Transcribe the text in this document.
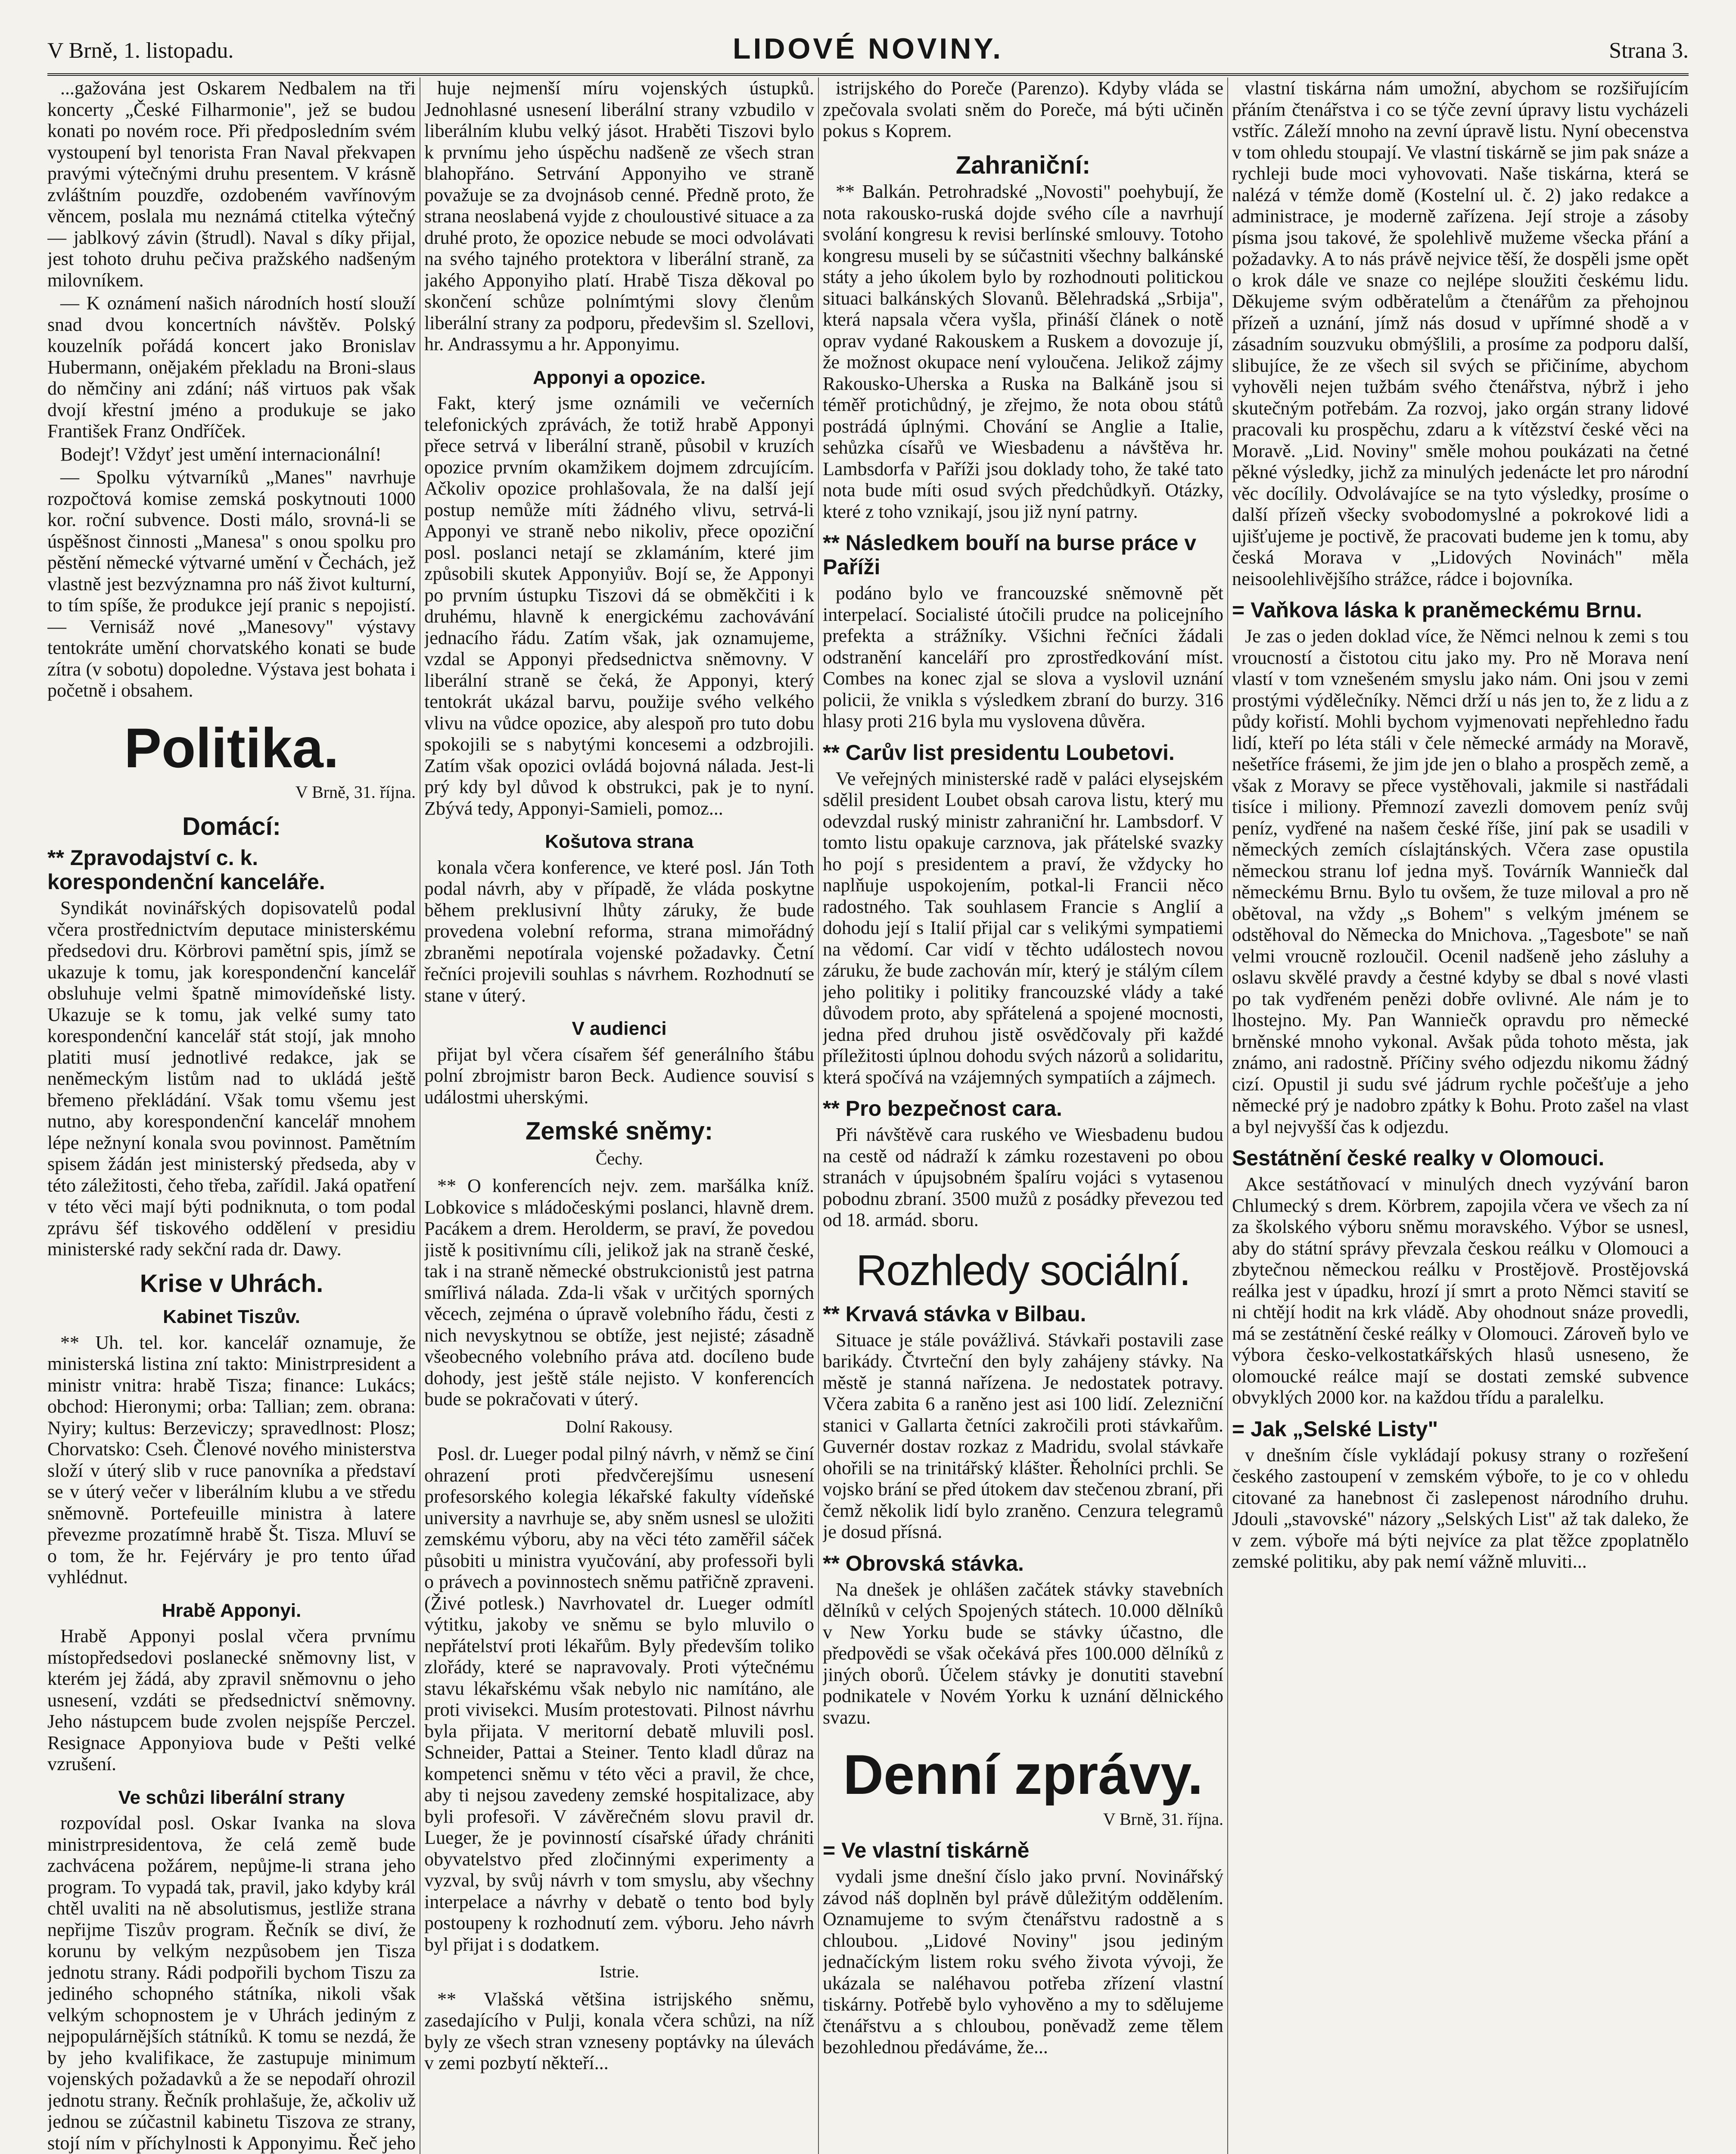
V Brně, 1. listopadu.	LIDOVÉ NOVINY.	Strana 3.

...gažována jest Oskarem Nedbalem na tři koncerty „České Filharmonie", jež se budou konati po novém roce. Při předposledním svém vystoupení byl tenorista Fran Naval překvapen pravými výtečnými druhu presentem. V krásně zvláštním pouzdře, ozdobeném vavřínovým věncem, poslala mu neznámá ctitelka výtečný — jablkový závin (štrudl). Naval s díky přijal, jest tohoto druhu pečiva pražského nadšeným milovníkem.

— K oznámení našich národních hostí slouží snad dvou koncertních návštěv. Polský kouzelník pořádá koncert jako Bronislav Hubermann, onějakém překladu na Broni-slaus do němčiny ani zdání; náš virtuos pak však dvojí křestní jméno a produkuje se jako František Franz Ondříček.

Bodejť! Vždyť jest umění internacionální!

— Spolku výtvarníků „Manes" navrhuje rozpočtová komise zemská poskytnouti 1000 kor. roční subvence. Dosti málo, srovná-li se úspěšnost činnosti „Manesa" s onou spolku pro pěstění německé výtvarné umění v Čechách, jež vlastně jest bezvýznamna pro náš život kulturní, to tím spíše, že produkce její pranic s nepojistí. — Vernisáž nové „Manesovy" výstavy tentokráte umění chorvatského konati se bude zítra (v sobotu) dopoledne. Výstava jest bohata i početně i obsahem.

Politika.
V Brně, 31. října.
Domácí:
** Zpravodajství c. k. korespondenční kanceláře.

Syndikát novinářských dopisovatelů podal včera prostřednictvím deputace ministerskému předsedovi dru. Körbrovi pamětní spis, jímž se ukazuje k tomu, jak korespondenční kancelář obsluhuje velmi špatně mimovídeňské listy. Ukazuje se k tomu, jak velké sumy tato korespondenční kancelář stát stojí, jak mnoho platiti musí jednotlivé redakce, jak se neněmeckým listům nad to ukládá ještě břemeno překládání. Však tomu všemu jest nutno, aby korespondenční kancelář mnohem lépe nežnyní konala svou povinnost. Pamětním spisem žádán jest ministerský předseda, aby v této záležitosti, čeho třeba, zařídil. Jaká opatření v této věci mají býti podniknuta, o tom podal zprávu šéf tiskového oddělení v presidiu ministerské rady sekční rada dr. Dawy.

Krise v Uhrách.
Kabinet Tiszův.

** Uh. tel. kor. kancelář oznamuje, že ministerská listina zní takto: Ministrpresident a ministr vnitra: hrabě Tisza; finance: Lukács; obchod: Hieronymi; orba: Tallian; zem. obrana: Nyiry; kultus: Berzeviczy; spravedlnost: Plosz; Chorvatsko: Cseh. Členové nového ministerstva složí v úterý slib v ruce panovníka a představí se v úterý večer v liberálním klubu a ve středu sněmovně. Portefeuille ministra à latere převezme prozatímně hrabě Št. Tisza. Mluví se o tom, že hr. Fejérváry je pro tento úřad vyhlédnut.

Hrabě Apponyi.

Hrabě Apponyi poslal včera prvnímu místopředsedovi poslanecké sněmovny list, v kterém jej žádá, aby zpravil sněmovnu o jeho usnesení, vzdáti se předsednictví sněmovny. Jeho nástupcem bude zvolen nejspíše Perczel. Resignace Apponyiova bude v Pešti velké vzrušení.

Ve schůzi liberální strany

rozpovídal posl. Oskar Ivanka na slova ministrpresidentova, že celá země bude zachvácena požárem, nepůjme-li strana jeho program. To vypadá tak, pravil, jako kdyby král chtěl uvaliti na ně absolutismus, jestliže strana nepřijme Tiszův program. Řečník se diví, že korunu by velkým nezpůsobem jen Tisza jednotu strany. Rádi podpořili bychom Tiszu za jediného schopného státníka, nikoli však velkým schopnostem je v Uhrách jediným z nejpopulárnějších státníků. K tomu se nezdá, že by jeho kvalifikace, že zastupuje minimum vojenských požadavků a že se nepodaří ohrozil jednotu strany. Řečník prohlašuje, že, ačkoliv už jednou se zúčastnil kabinetu Tiszova ze strany, stojí ním v příchylnosti k Apponyimu. Řeč jeho

huje nejmenší míru vojenských ústupků. Jednohlasné usnesení liberální strany vzbudilo v liberálním klubu velký jásot. Hraběti Tiszovi bylo k prvnímu jeho úspěchu nadšeně ze všech stran blahopřáno. Setrvání Apponyiho ve straně považuje se za dvojnásob cenné. Předně proto, že strana neoslabená vyjde z chouloustivé situace a za druhé proto, že opozice nebude se moci odvolávati na svého tajného protektora v liberální straně, za jakého Apponyiho platí. Hrabě Tisza děkoval po skončení schůze polnímtými slovy členům liberální strany za podporu, předevšim sl. Szellovi, hr. Andrassymu a hr. Apponyimu.

Apponyi a opozice.

Fakt, který jsme oznámili ve večerních telefonických zprávách, že totiž hrabě Apponyi přece setrvá v liberální straně, působil v kruzích opozice prvním okamžikem dojmem zdrcujícím. Ačkoliv opozice prohlašovala, že na další její postup nemůže míti žádného vlivu, setrvá-li Apponyi ve straně nebo nikoliv, přece opoziční posl. poslanci netají se zklamáním, které jim způsobili skutek Apponyiův. Bojí se, že Apponyi po prvním ústupku Tiszovi dá se obměkčiti i k druhému, hlavně k energickému zachovávání jednacího řádu. Zatím však, jak oznamujeme, vzdal se Apponyi předsednictva sněmovny. V liberální straně se čeká, že Apponyi, který tentokrát ukázal barvu, použije svého velkého vlivu na vůdce opozice, aby alespoň pro tuto dobu spokojili se s nabytými koncesemi a odzbrojili. Zatím však opozici ovládá bojovná nálada. Jest-li prý kdy byl důvod k obstrukci, pak je to nyní. Zbývá tedy, Apponyi-Samieli, pomoz...

Košutova strana

konala včera konference, ve které posl. Ján Toth podal návrh, aby v případě, že vláda poskytne během preklusivní lhůty záruky, že bude provedena volební reforma, strana mimořádný zbraněmi nepotírala vojenské požadavky. Četní řečníci projevili souhlas s návrhem. Rozhodnutí se stane v úterý.

V audienci

přijat byl včera císařem šéf generálního štábu polní zbrojmistr baron Beck. Audience souvisí s událostmi uherskými.

Zemské sněmy:
Čechy.

** O konferencích nejv. zem. maršálka kníž. Lobkovice s mládočeskými poslanci, hlavně drem. Pacákem a drem. Herolderm, se praví, že povedou jistě k positivnímu cíli, jelikož jak na straně české, tak i na straně německé obstrukcionistů jest patrna smířlivá nálada. Zda-li však v určitých sporných věcech, zejména o úpravě volebního řádu, česti z nich nevyskytnou se obtíže, jest nejisté; zásadně všeobecného volebního práva atd. docíleno bude dohody, jest ještě stále nejisto. V konferencích bude se pokračovati v úterý.

Dolní Rakousy.

Posl. dr. Lueger podal pilný návrh, v němž se činí ohrazení proti předvčerejšímu usnesení profesorského kolegia lékařské fakulty vídeňské university a navrhuje se, aby sněm usnesl se uložiti zemskému výboru, aby na věci této zaměřil sáček působiti u ministra vyučování, aby professoři byli o právech a povinnostech sněmu patřičně zpraveni. (Živé potlesk.) Navrhovatel dr. Lueger odmítl výtitku, jakoby ve sněmu se bylo mluvilo o nepřátelství proti lékařům. Byly především toliko zlořády, které se napravovaly. Proti výtečnému stavu lékařskému však nebylo nic namítáno, ale proti vivisekci. Musím protestovati. Pilnost návrhu byla přijata. V meritorní debatě mluvili posl. Schneider, Pattai a Steiner. Tento kladl důraz na kompetenci sněmu v této věci a pravil, že chce, aby ti nejsou zavedeny zemské hospitalizace, aby byli profesoři. V závěrečném slovu pravil dr. Lueger, že je povinností císařské úřady chrániti obyvatelstvo před zločinnými experimenty a vyzval, by svůj návrh v tom smyslu, aby všechny interpelace a návrhy v debatě o tento bod byly postoupeny k rozhodnutí zem. výboru. Jeho návrh byl přijat i s dodatkem.

Istrie.

** Vlašská většina istrijského sněmu, zasedajícího v Pulji, konala včera schůzi, na níž byly ze všech stran vzneseny poptávky na úlevách v zemi pozbytí někteří...

istrijského do Poreče (Parenzo). Kdyby vláda se zpečovala svolati sněm do Poreče, má býti učiněn pokus s Koprem.

Zahraniční:

** Balkán. Petrohradské „Novosti" poehybují, že nota rakousko-ruská dojde svého cíle a navrhují svolání kongresu k revisi berlínské smlouvy. Totoho kongresu museli by se súčastniti všechny balkánské státy a jeho úkolem bylo by rozhodnouti politickou situaci balkánských Slovanů. Bělehradská „Srbija", která napsala včera vyšla, přináší článek o notě oprav vydané Rakouskem a Ruskem a dovozuje jí, že možnost okupace není vyloučena. Jelikož zájmy Rakousko-Uherska a Ruska na Balkáně jsou si téměř protichůdný, je zřejmo, že nota obou států postrádá úplnými. Chování se Anglie a Italie, sehůzka císařů ve Wiesbadenu a návštěva hr. Lambsdorfa v Paříži jsou doklady toho, že také tato nota bude míti osud svých předchůdkyň. Otázky, které z toho vznikají, jsou již nyní patrny.

** Následkem bouří na burse práce v Paříži

podáno bylo ve francouzské sněmovně pět interpelací. Socialisté útočili prudce na policejního prefekta a strážníky. Všichni řečníci žádali odstranění kanceláří pro zprostředkování míst. Combes na konec zjal se slova a vyslovil uznání policii, že vnikla s výsledkem zbraní do burzy. 316 hlasy proti 216 byla mu vyslovena důvěra.

** Carův list presidentu Loubetovi.

Ve veřejných ministerské radě v paláci elysejském sdělil president Loubet obsah carova listu, který mu odevzdal ruský ministr zahraniční hr. Lambsdorf. V tomto listu opakuje carznova, jak přátelské svazky ho pojí s presidentem a praví, že vždycky ho naplňuje uspokojením, potkal-li Francii něco radostného. Tak souhlasem Francie s Anglií a dohodu její s Italií přijal car s velikými sympatiemi na vědomí. Car vidí v těchto událostech novou záruku, že bude zachován mír, který je stálým cílem jeho politiky i politiky francouzské vlády a také důvodem proto, aby spřátelená a spojené mocnosti, jedna před druhou jistě osvědčovaly při každé příležitosti úplnou dohodu svých názorů a solidaritu, která spočívá na vzájemných sympatiích a zájmech.

** Pro bezpečnost cara.

Při návštěvě cara ruského ve Wiesbadenu budou na cestě od nádraží k zámku rozestaveni po obou stranách v úpujsobném špalíru vojáci s vytasenou pobodnu zbraní. 3500 mužů z posádky převezou ted od 18. armád. sboru.

Rozhledy sociální.
** Krvavá stávka v Bilbau.

Situace je stále povážlivá. Stávkaři postavili zase barikády. Čtvrteční den byly zahájeny stávky. Na městě je stanná nařízena. Je nedostatek potravy. Včera zabita 6 a raněno jest asi 100 lidí. Zelezniční stanici v Gallarta četníci zakročili proti stávkařům. Guvernér dostav rozkaz z Madridu, svolal stávkaře ohořili se na trinitářský klášter. Řeholníci prchli. Se vojsko brání se před útokem dav stečenou zbraní, při čemž několik lidí bylo zraněno. Cenzura telegramů je dosud přísná.

** Obrovská stávka.

Na dnešek je ohlášen začátek stávky stavebních dělníků v celých Spojených státech. 10.000 dělníků v New Yorku bude se stávky účastno, dle předpovědi se však očekává přes 100.000 dělníků z jiných oborů. Účelem stávky je donutiti stavební podnikatele v Novém Yorku k uznání dělnického svazu.

Denní zprávy.
V Brně, 31. října.
= Ve vlastní tiskárně

vydali jsme dnešní číslo jako první. Novinářský závod náš doplněn byl právě důležitým oddělením. Oznamujeme to svým čtenářstvu radostně a s chloubou. „Lidové Noviny" jsou jediným jednačíckým listem roku svého života vývoji, že ukázala se naléhavou potřeba zřízení vlastní tiskárny. Potřebě bylo vyhověno a my to sdělujeme čtenářstvu a s chloubou, poněvadž zeme tělem bezohlednou předáváme, že...

vlastní tiskárna nám umožní, abychom se rozšiřujícím přáním čtenářstva i co se týče zevní úpravy listu vycházeli vstříc. Záleží mnoho na zevní úpravě listu. Nyní obecenstva v tom ohledu stoupají. Ve vlastní tiskárně se jim pak snáze a rychleji bude moci vyhovovati. Naše tiskárna, která se nalézá v témže domě (Kostelní ul. č. 2) jako redakce a administrace, je moderně zařízena. Její stroje a zásoby písma jsou takové, že spolehlivě mužeme všecka přání a požadavky. A to nás právě nejvice těší, že dospěli jsme opět o krok dále ve snaze co nejlépe sloužiti českému lidu. Děkujeme svým odběratelům a čtenářům za přehojnou přízeň a uznání, jímž nás dosud v upřímné shodě a v zásadním souzvuku obmýšlili, a prosíme za podporu další, slibujíce, že ze všech sil svých se přičiníme, abychom vyhověli nejen tužbám svého čtenářstva, nýbrž i jeho skutečným potřebám. Za rozvoj, jako orgán strany lidové pracovali ku prospěchu, zdaru a k vítězství české věci na Moravě. „Lid. Noviny" směle mohou poukázati na četné pěkné výsledky, jichž za minulých jedenácte let pro národní věc docílily. Odvolávajíce se na tyto výsledky, prosíme o další přízeň všecky svobodomyslné a pokrokové lidi a ujišťujeme je poctivě, že pracovati budeme jen k tomu, aby česká Morava v „Lidových Novinách" měla neisoolehlivějšího strážce, rádce i bojovníka.

= Vaňkova láska k praněmeckému Brnu.

Je zas o jeden doklad více, že Němci nelnou k zemi s tou vroucností a čistotou citu jako my. Pro ně Morava není vlastí v tom vznešeném smyslu jako nám. Oni jsou v zemi prostými výdělečníky. Němci drží u nás jen to, že z lidu a z půdy kořistí. Mohli bychom vyjmenovati nepřehledno řadu lidí, kteří po léta stáli v čele německé armády na Moravě, nešetříce frásemi, že jim jde jen o blaho a prospěch země, a však z Moravy se přece vystěhovali, jakmile si nastřádali tisíce i miliony. Přemnozí zavezli domovem peníz svůj peníz, vydřené na našem české říše, jiní pak se usadili v německých zemích císlajtánských. Včera zase opustila německou stranu lof jedna myš. Továrník Wanniečk dal německému Brnu. Bylo tu ovšem, že tuze miloval a pro ně obětoval, na vždy „s Bohem" s velkým jménem se odstěhoval do Německa do Mnichova. „Tagesbote" se naň velmi vroucně rozloučil. Ocenil nadšeně jeho zásluhy a oslavu skvělé pravdy a čestné kdyby se dbal s nové vlasti po tak vydřeném penězi dobře ovlivné. Ale nám je to lhostejno. My. Pan Wanniečk opravdu pro německé brněnské mnoho vykonal. Avšak půda tohoto města, jak známo, ani radostně. Příčiny svého odjezdu nikomu žádný cizí. Opustil ji sudu své jádrum rychle počešťuje a jeho německé prý je nadobro zpátky k Bohu. Proto zašel na vlast a byl nejvyšší čas k odjezdu.

Sestátnění české realky v Olomouci.

Akce sestátňovací v minulých dnech vyzývání baron Chlumecký s drem. Körbrem, zapojila včera ve všech za ní za školského výboru sněmu moravského. Výbor se usnesl, aby do státní správy převzala českou reálku v Olomouci a zbytečnou německou reálku v Prostějově. Prostějovská reálka jest v úpadku, hrozí jí smrt a proto Němci stavití se ni chtějí hodit na krk vládě. Aby ohodnout snáze provedli, má se zestátnění české reálky v Olomouci. Zároveň bylo ve výbora česko-velkostatkářských hlasů usneseno, že olomoucké reálce mají se dostati zemské subvence obvyklých 2000 kor. na každou třídu a paralelku.

= Jak „Selské Listy"

v dnešním čísle vykládají pokusy strany o rozřešení českého zastoupení v zemském výboře, to je co v ohledu citované za hanebnost či zaslepenost národního druhu. Jdouli „stavovské" názory „Selských List" až tak daleko, že v zem. výboře má býti nejvíce za plat těžce zpoplatnělo zemské politiku, aby pak nemí vážně mluviti...
